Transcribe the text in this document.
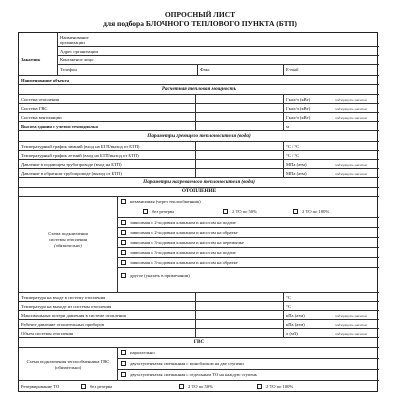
ОПРОСНЫЙ ЛИСТ
для подбора БЛОЧНОГО ТЕПЛОВОГО ПУНКТА (БТП)
Заказчик
Наименование
организации
Адрес организации
Контактное лицо
Телефон	Факс	E-mail
Наименование объекта
Расчетная тепловая мощность
Система отопления	Гкал/ч (кВт)	подчеркнуть значение
Система ГВС	Гкал/ч (кВт)	подчеркнуть значение
Система вентиляции	Гкал/ч (кВт)	подчеркнуть значение
Высота здания с учетом техподполья	м
Параметры греющего теплоносителя (вода)
Температурный график зимний (вход на БТП/выход от БТП)	°С / °С
Температурный график летний (вход на БТП/выход от БТП)	°С / °С
Давление в подающем трубопроводе (вход на БТП)	МПа (атм)	подчеркнуть значение
Давление в обратном трубопроводе (выход от БТП)	МПа (атм)	подчеркнуть значение
Параметры нагреваемого теплоносителя (вода)
ОТОПЛЕНИЕ
Схема подключения
системы отопления
(обязательно)
независимая (через теплообменник)
без резерва	2 ТО по 50%	2 ТО по 100%
зависимая с 2-ходовым клапаном и насосом на подаче
зависимая с 2-ходовым клапаном и насосом на обратке
зависимая с 3-ходовым клапаном и насосом на перемычке
зависимая с 3-ходовым клапаном и насосом на подаче
зависимая с 3-ходовым клапаном и насосом на обратке
другое (указать в примечании)
Температура на входе в систему отопления	°С
Температура на выходе из системы отопления	°С
Максимальные потери давления в системе отопления	кПа (атм)	подчеркнуть значение
Рабочее давление отопительных приборов	кПа (атм)	подчеркнуть значение
Объем системы отопления	л (м3)	подчеркнуть значение
ГВС
Схема подключения теплообменника ГВС
(обязательно)
параллельно
двухступенчатая смешанная с моноблоком на две ступени
двухступенчатая смешанная с отдельным ТО на каждую ступень
Резервирование ТО	без резерва	2 ТО по 50%	2 ТО по 100%
